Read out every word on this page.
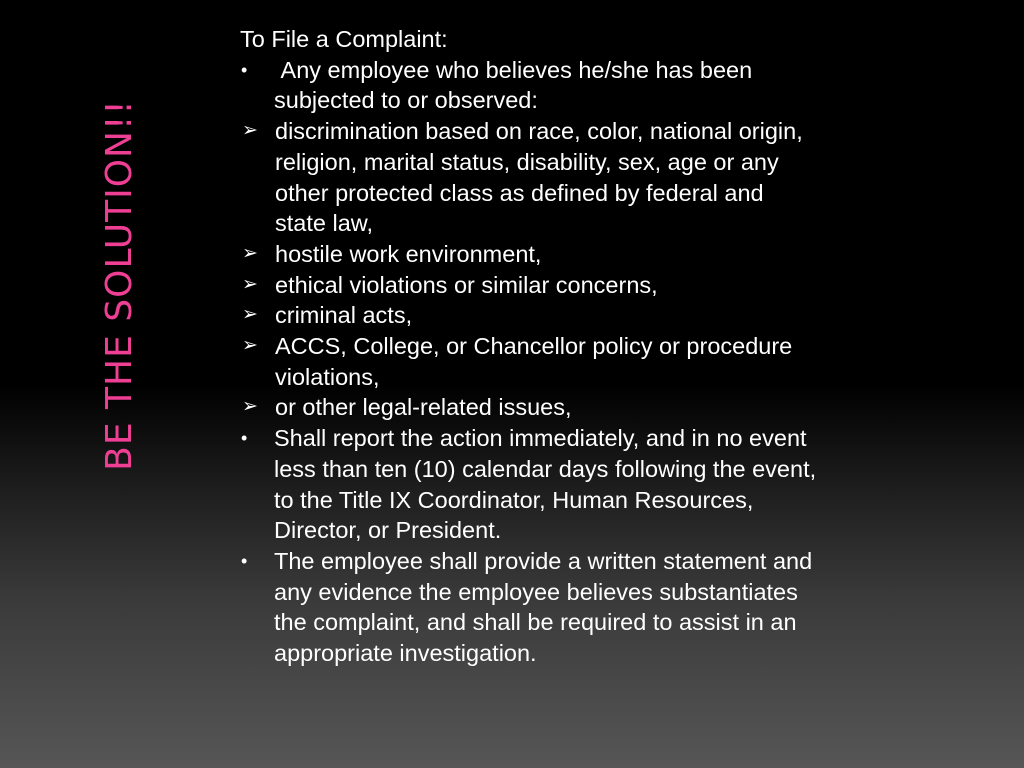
BE THE SOLUTION!!
To File a Complaint:
•	Any employee who believes he/she has been subjected to or observed:
➢ discrimination based on race, color, national origin, religion, marital status, disability, sex, age or any other protected class as defined by federal and state law,
➢ hostile work environment,
➢ ethical violations or similar concerns,
➢ criminal acts,
➢ ACCS, College, or Chancellor policy or procedure violations,
➢ or other legal-related issues,
•	Shall report the action immediately, and in no event less than ten (10) calendar days following the event, to the Title IX Coordinator, Human Resources, Director, or President.
•	The employee shall provide a written statement and any evidence the employee believes substantiates the complaint, and shall be required to assist in an appropriate investigation.
